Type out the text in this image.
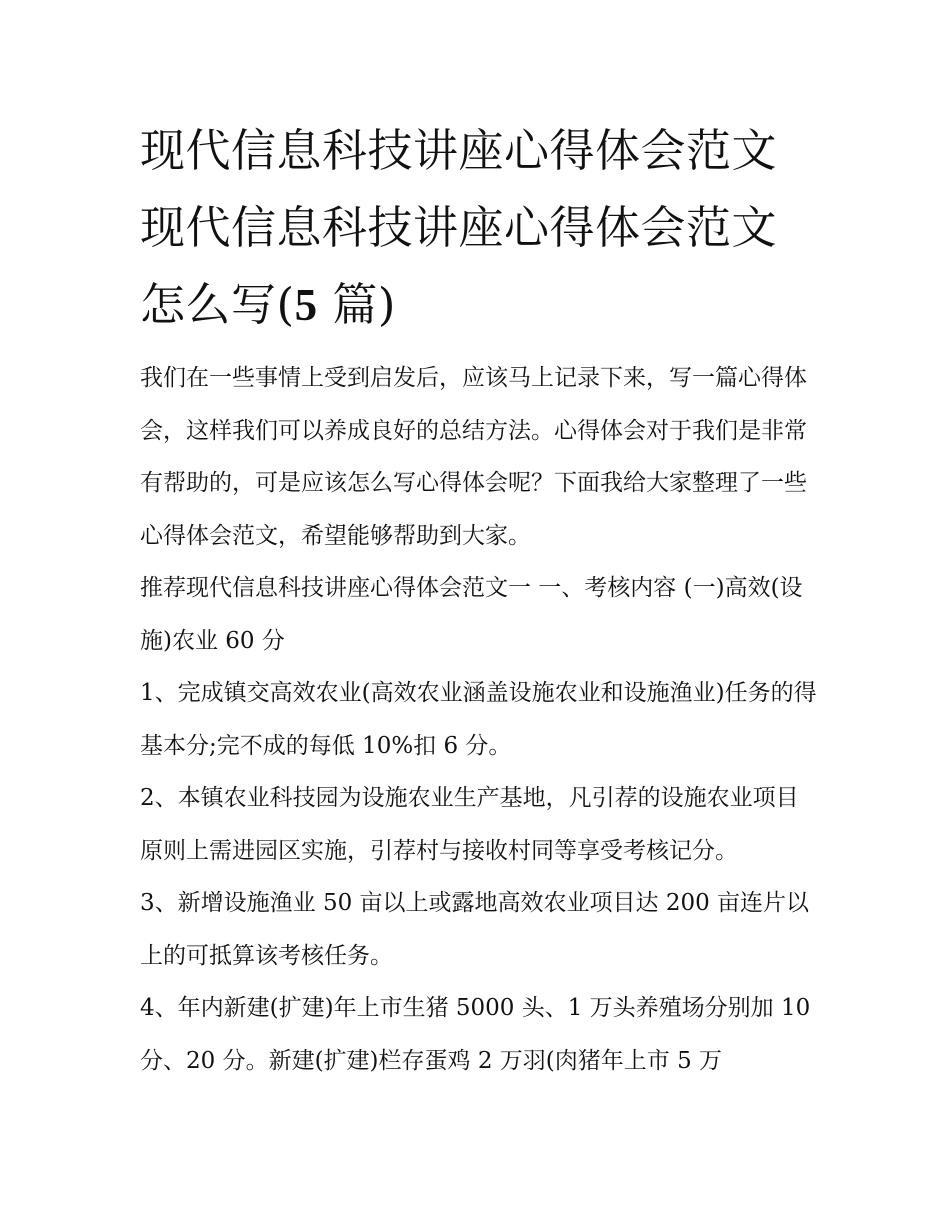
现代信息科技讲座心得体会范文 现代信息科技讲座心得体会范文怎么写(5 篇)

我们在一些事情上受到启发后，应该马上记录下来，写一篇心得体会，这样我们可以养成良好的总结方法。心得体会对于我们是非常有帮助的，可是应该怎么写心得体会呢？下面我给大家整理了一些心得体会范文，希望能够帮助到大家。

推荐现代信息科技讲座心得体会范文一 一、考核内容 (一)高效(设施)农业 60 分

1、完成镇交高效农业(高效农业涵盖设施农业和设施渔业)任务的得基本分;完不成的每低 10%扣 6 分。

2、本镇农业科技园为设施农业生产基地，凡引荐的设施农业项目原则上需进园区实施，引荐村与接收村同等享受考核记分。

3、新增设施渔业 50 亩以上或露地高效农业项目达 200 亩连片以上的可抵算该考核任务。

4、年内新建(扩建)年上市生猪 5000 头、1 万头养殖场分别加 10 分、20 分。新建(扩建)栏存蛋鸡 2 万羽(肉猪年上市 5 万
